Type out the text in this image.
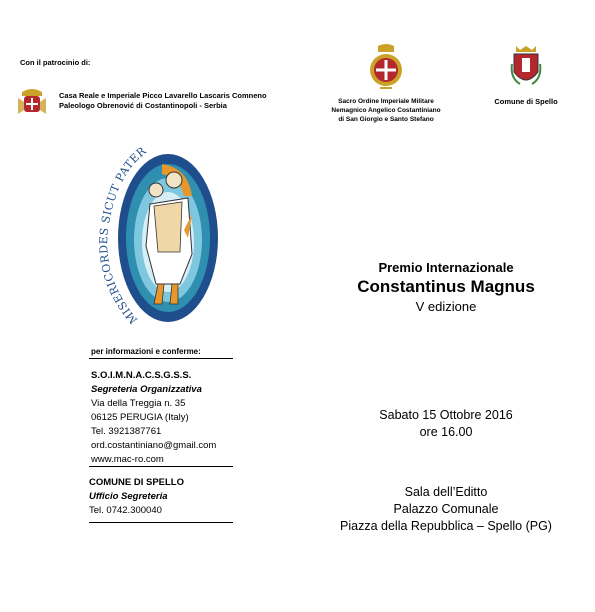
Con il patrocinio di:
Casa Reale e Imperiale Picco Lavarello Lascaris Comneno
Paleologo Obrenović di Costantinopoli - Serbia	Sacro Ordine Imperiale Militare
Nemagnico Angelico Costantiniano
di San Giorgio e Santo Stefano
Comune di Spello
MISERICORDES SICUT PATER
per informazioni e conferme:
S.O.I.M.N.A.C.S.G.S.S.
Segreteria Organizzativa
Via della Treggia n. 35
06125 PERUGIA (Italy)
Tel. 3921387761
ord.costantiniano@gmail.com
www.mac-ro.com
COMUNE DI SPELLO
Ufficio Segreteria
Tel. 0742.300040
Premio Internazionale
Constantinus Magnus
V edizione
Sabato 15 Ottobre 2016
ore 16.00
Sala dell’Editto
Palazzo Comunale
Piazza della Repubblica – Spello (PG)
